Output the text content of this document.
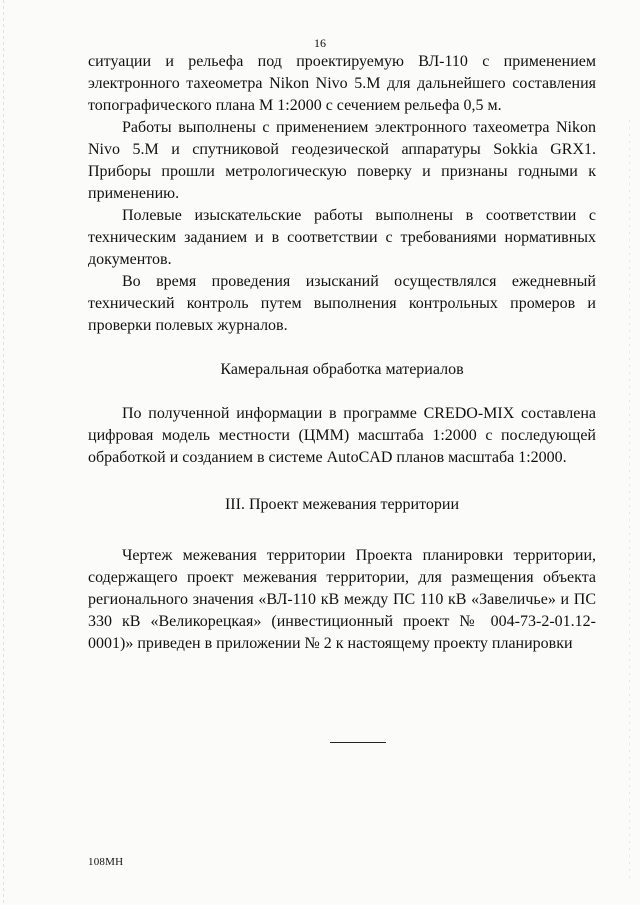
16

ситуации и рельефа под проектируемую ВЛ-110 с применением электронного тахеометра Nikon Nivo 5.M для дальнейшего составления топографического плана М 1:2000 с сечением рельефа 0,5 м.

Работы выполнены с применением электронного тахеометра Nikon Nivo 5.M и спутниковой геодезической аппаратуры Sokkia GRX1. Приборы прошли метрологическую поверку и признаны годными к применению.

Полевые изыскательские работы выполнены в соответствии с техническим заданием и в соответствии с требованиями нормативных документов.

Во время проведения изысканий осуществлялся ежедневный технический контроль путем выполнения контрольных промеров и проверки полевых журналов.

Камеральная обработка материалов

По полученной информации в программе CREDO-MIX составлена цифровая модель местности (ЦММ) масштаба 1:2000 с последующей обработкой и созданием в системе AutoCAD планов масштаба 1:2000.

III. Проект межевания территории

Чертеж межевания территории Проекта планировки территории, содержащего проект межевания территории, для размещения объекта регионального значения «ВЛ-110 кВ между ПС 110 кВ «Завеличье» и ПС 330 кВ «Великорецкая» (инвестиционный проект № 004-73-2-01.12-0001)» приведен в приложении № 2 к настоящему проекту планировки

108МН
